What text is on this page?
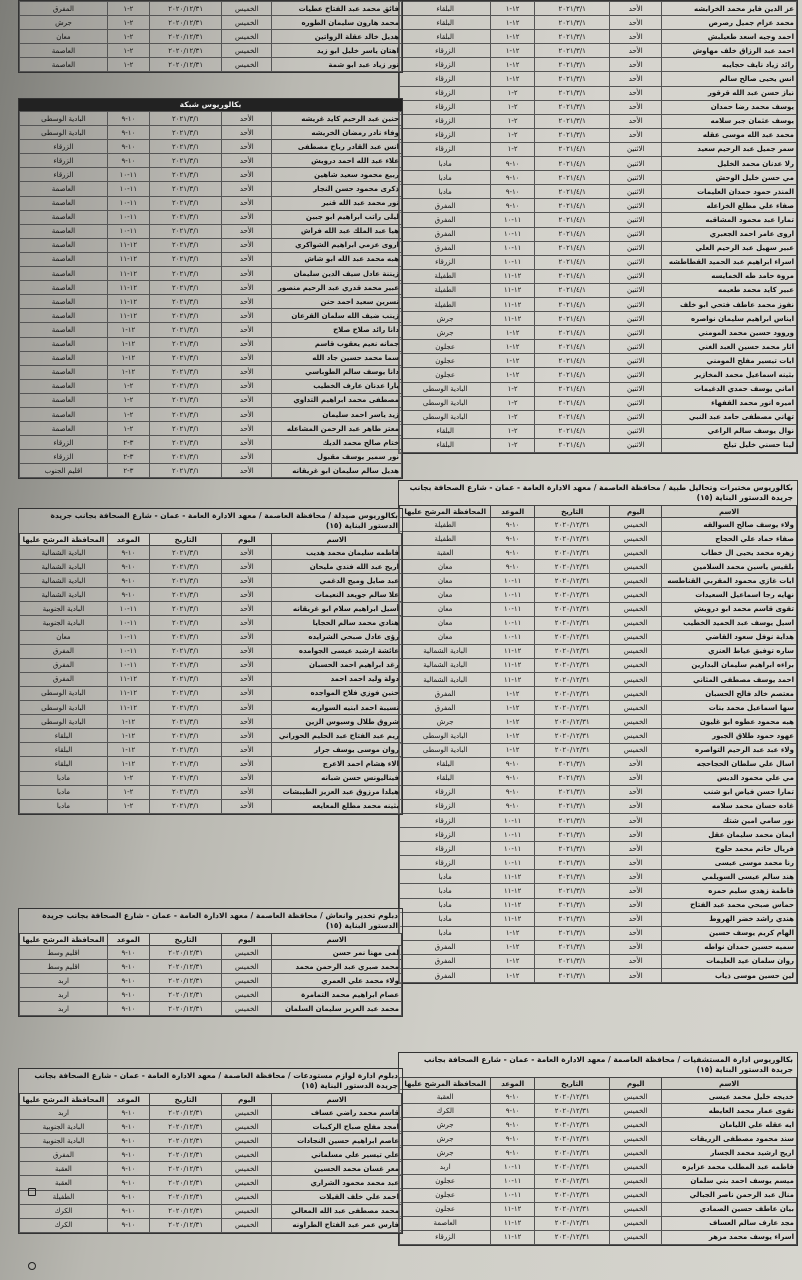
عز الدين فايز محمد الخرابشه	الأحد	٢٠٢١/٣/١	١٢-١	البلقاء
محمد عزام جميل رصرص	الأحد	٢٠٢١/٣/١	١٢-١	البلقاء
احمد وجيه اسعد طعيلبش	الأحد	٢٠٢١/٣/١	١٢-١	البلقاء
احمد عبد الرزاق خلف مهاوش	الأحد	٢٠٢١/٣/١	١٢-١	الزرقاء
رائد زياد نايف حجايبه	الأحد	٢٠٢١/٣/١	١٢-١	الزرقاء
انس يحيى صالح سالم	الأحد	٢٠٢١/٣/١	١٢-١	الزرقاء
نياز حسن عبد الله قرقور	الأحد	٢٠٢١/٣/١	٢-١	الزرقاء
يوسف محمد رضا حمدان	الأحد	٢٠٢١/٣/١	٢-١	الزرقاء
يوسف عثمان جبر سلامه	الأحد	٢٠٢١/٣/١	٢-١	الزرقاء
محمد عبد الله موسى عقله	الأحد	٢٠٢١/٣/١	٢-١	الزرقاء
سمر جميل عبد الرحيم سعيد	الاثنين	٢٠٢١/٤/١	٢-١	الزرقاء
رلا عدنان محمد الخليل	الاثنين	٢٠٢١/٤/١	١٠-٩	مادبا
مي حسن خليل الوحش	الاثنين	٢٠٢١/٤/١	١٠-٩	مادبا
المنذر حمود حمدان العليمات	الاثنين	٢٠٢١/٤/١	١٠-٩	مادبا
صفاء علي مطلع الخزاعله	الاثنين	٢٠٢١/٤/١	١٠-٩	المفرق
تمارا عبد محمود المشاقبه	الاثنين	٢٠٢١/٤/١	١١-١٠	المفرق
اروى عامر احمد الجعبري	الاثنين	٢٠٢١/٤/١	١١-١٠	المفرق
عبير سهيل عبد الرحيم العلي	الاثنين	٢٠٢١/٤/١	١١-١٠	المفرق
اسراء ابراهيم عبد الحميد القطاطشه	الاثنين	٢٠٢١/٤/١	١١-١٠	الزرقاء
مروة حامد طه الخمايسه	الاثنين	٢٠٢١/٤/١	١٢-١١	الطفيلة
عبير كايد محمد طعيمه	الاثنين	٢٠٢١/٤/١	١٢-١١	الطفيلة
نفوز محمد عاطف فتحي ابو خلف	الاثنين	٢٠٢١/٤/١	١٢-١١	الطفيلة
ايناس ابراهيم سليمان نواصره	الاثنين	٢٠٢١/٤/١	١٢-١١	جرش
وروود حسين محمد المومني	الاثنين	٢٠٢١/٤/١	١٢-١	جرش
اثار محمد حسين العبد الغني	الاثنين	٢٠٢١/٤/١	١٢-١	عجلون
ايات تيسير مفلح المومني	الاثنين	٢٠٢١/٤/١	١٢-١	عجلون
بثينه اسماعيل محمد المخازير	الاثنين	٢٠٢١/٤/١	١٢-١	عجلون
اماني يوسف حمدي الدغيمات	الاثنين	٢٠٢١/٤/١	٢-١	البادية الوسطى
اميره انور محمد القفهاء	الاثنين	٢٠٢١/٤/١	٢-١	البادية الوسطى
تهاني مصطفى حامد عبد النبي	الاثنين	٢٠٢١/٤/١	٢-١	البادية الوسطى
نوال يوسف سالم الراعي	الاثنين	٢٠٢١/٤/١	٢-١	البلقاء
لينا حسني خليل تيلخ	الاثنين	٢٠٢١/٤/١	٢-١	البلقاء
بكالوريوس مختبرات وتحاليل طبية / محافظة العاصمة / معهد الادارة العامة - عمان - شارع الصحافة بجانب جريدة الدستور البناية (١٥)
الاسم	اليوم	التاريخ	الموعد	المحافظة المرشح عليها
ولاء يوسف صالح السوالقه	الخميس	٢٠٢٠/١٢/٣١	١٠-٩	الطفيلة
صفاء حماد علي الحجاج	الخميس	٢٠٢٠/١٢/٣١	١٠-٩	الطفيلة
زهره محمد يحيى ال خطاب	الخميس	٢٠٢٠/١٢/٣١	١٠-٩	العقبة
بلقيس ياسين محمد السلامين	الخميس	٢٠٢٠/١٢/٣١	١٠-٩	معان
ايات غازي محمود المقربي القناطسه	الخميس	٢٠٢٠/١٢/٣١	١١-١٠	معان
نهايه رجا اسماعيل السعيدات	الخميس	٢٠٢٠/١٢/٣١	١١-١٠	معان
تقوى قاسم محمد ابو درويش	الخميس	٢٠٢٠/١٢/٣١	١١-١٠	معان
اسيل يوسف عبد الحميد الخطيب	الخميس	٢٠٢٠/١٢/٣١	١١-١٠	معان
هداية نوفل سعود القاضي	الخميس	٢٠٢٠/١٢/٣١	١١-١٠	معان
ساره توفيق عياط العنزي	الخميس	٢٠٢٠/١٢/٣١	١٢-١١	البادية الشمالية
براءه ابراهيم سليمان البدارين	الخميس	٢٠٢٠/١٢/٣١	١٢-١١	البادية الشمالية
احمد يوسف مصطفى المثاني	الخميس	٢٠٢٠/١٢/٣١	١٢-١١	البادية الشمالية
معتصم خالد فالح الحسبان	الخميس	٢٠٢٠/١٢/٣١	١٢-١	المفرق
سها اسماعيل محمد بنات	الخميس	٢٠٢٠/١٢/٣١	١٢-١	المفرق
هبه محمود عطوه ابو غليون	الخميس	٢٠٢٠/١٢/٣١	١٢-١	جرش
عهود حمود طلاق الجبور	الخميس	٢٠٢٠/١٢/٣١	١٢-١	البادية الوسطى
ولاء عبد عبد الرحيم التواصره	الخميس	٢٠٢٠/١٢/٣١	١٢-١	البادية الوسطى
اسال علي سلطان الحجاحجه	الأحد	٢٠٢١/٣/١	١٠-٩	البلقاء
مي علي محمود الدبس	الأحد	٢٠٢١/٣/١	١٠-٩	البلقاء
تمارا حسن فياض ابو شنب	الأحد	٢٠٢١/٣/١	١٠-٩	الزرقاء
غاده حسان محمد سلامه	الأحد	٢٠٢١/٣/١	١٠-٩	الزرقاء
نور سامي امين شتك	الأحد	٢٠٢١/٣/١	١١-١٠	الزرقاء
ايمان محمد سليمان عقل	الأحد	٢٠٢١/٣/١	١١-١٠	الزرقاء
فريال حاتم محمد حلوح	الأحد	٢٠٢١/٣/١	١١-١٠	الزرقاء
رنا محمد موسى عيسى	الأحد	٢٠٢١/٣/١	١١-١٠	الزرقاء
هند سالم عيسى السويلمي	الأحد	٢٠٢١/٣/١	١٢-١١	مادبا
فاطمة زهدي سليم حمزه	الأحد	٢٠٢١/٣/١	١٢-١١	مادبا
حماس صبحي محمد عبد الفتاح	الأحد	٢٠٢١/٣/١	١٢-١١	مادبا
هندي راشد خضر الهروط	الأحد	٢٠٢١/٣/١	١٢-١١	مادبا
الهام كريم يوسف حسين	الأحد	٢٠٢١/٣/١	١٢-١	مادبا
سميه حسين حمدان نواطه	الأحد	٢٠٢١/٣/١	١٢-١	المفرق
روان سلمان عيد العليمات	الأحد	٢٠٢١/٣/١	١٢-١	المفرق
لين حسين موسى ذياب	الأحد	٢٠٢١/٣/١	١٢-١	المفرق
بكالوريوس ادارة المستشفيات / محافظة العاصمة / معهد الادارة العامة - عمان - شارع الصحافة بجانب جريدة الدستور البناية (١٥)
الاسم	اليوم	التاريخ	الموعد	المحافظة المرشح عليها
خديجه خليل محمد عيسى	الخميس	٢٠٢٠/١٢/٣١	١٠-٩	العقبة
تقوى عمار محمد العايطه	الخميس	٢٠٢٠/١٢/٣١	١٠-٩	الكرك
ايه عقله علي الليامان	الخميس	٢٠٢٠/١٢/٣١	١٠-٩	جرش
سند محمود مصطفى الزريقات	الخميس	٢٠٢٠/١٢/٣١	١٠-٩	جرش
اريج ارشيد محمد الجسار	الخميس	٢٠٢٠/١٢/٣١	١٠-٩	جرش
فاطمه عبد المطلب محمد عزايزه	الخميس	٢٠٢٠/١٢/٣١	١١-١٠	اربد
ميسم يوسف احمد بني سلمان	الخميس	٢٠٢٠/١٢/٣١	١١-١٠	عجلون
منال عبد الرحمن ناصر الجبالي	الخميس	٢٠٢٠/١٢/٣١	١١-١٠	عجلون
بيان عاطف حسين الصمادي	الخميس	٢٠٢٠/١٢/٣١	١٢-١١	عجلون
مجد عارف سالم العساف	الخميس	٢٠٢٠/١٢/٣١	١٢-١١	العاصمة
اسراء يوسف محمد مزهر	الخميس	٢٠٢٠/١٢/٣١	١٢-١١	الزرقاء
فائق محمد عبد الفتاح عطيات	الخميس	٢٠٢٠/١٢/٣١	٢-١	المفرق
محمد هارون سليمان الطوره	الخميس	٢٠٢٠/١٢/٣١	٢-١	جرش
هديل خالد عقلة الزواتين	الخميس	٢٠٢٠/١٢/٣١	٢-١	معان
اهتان ياسر خليل ابو زيد	الخميس	٢٠٢٠/١٢/٣١	٢-١	العاصمة
نور زياد عبد ابو شمة	الخميس	٢٠٢٠/١٢/٣١	٢-١	العاصمة
بكالوريوس شبكة
حنين عبد الرحيم كايد غريشه	الأحد	٢٠٢١/٣/١	١٠-٩	البادية الوسطى
وفاء نادر رمضان الخريشه	الأحد	٢٠٢١/٣/١	١٠-٩	البادية الوسطى
انس عبد القادر رباح مصطفى	الأحد	٢٠٢١/٣/١	١٠-٩	الزرقاء
علاء عبد الله احمد درويش	الأحد	٢٠٢١/٣/١	١٠-٩	الزرقاء
ربيع محمود سعيد شاهين	الأحد	٢٠٢١/٣/١	١١-١٠	الزرقاء
ذكرى محمود حسن النجار	الأحد	٢٠٢١/٣/١	١١-١٠	العاصمة
نور محمد عبد الله قنير	الأحد	٢٠٢١/٣/١	١١-١٠	العاصمة
ليلى راتب ابراهيم ابو جبين	الأحد	٢٠٢١/٣/١	١١-١٠	العاصمة
هيا عبد الملك عبد الله فراش	الأحد	٢٠٢١/٣/١	١١-١٠	العاصمة
اروى عزمي ابراهيم الشواكري	الأحد	٢٠٢١/٣/١	١٢-١١	العاصمة
هبه محمد عبد الله ابو شاش	الأحد	٢٠٢١/٣/١	١٢-١١	العاصمة
زيننة عادل سيف الدين سليمان	الأحد	٢٠٢١/٣/١	١٢-١١	العاصمة
عبير محمد قدري عبد الرحيم منصور	الأحد	٢٠٢١/٣/١	١٢-١١	العاصمة
نسرين سعيد احمد حنن	الأحد	٢٠٢١/٣/١	١٢-١١	العاصمة
زينب ضيف الله سلمان القرعان	الأحد	٢٠٢١/٣/١	١٢-١١	العاصمة
دانا رائد صلاح صلاح	الأحد	٢٠٢١/٣/١	١٢-١	العاصمة
جمانه نعيم يعقوب قاسم	الأحد	٢٠٢١/٣/١	١٢-١	العاصمة
سما محمد حسين جاد الله	الأحد	٢٠٢١/٣/١	١٢-١	العاصمة
دانا يوسف سالم الطوباسي	الأحد	٢٠٢١/٣/١	١٢-١	العاصمة
يارا عدنان عارف الخطيب	الأحد	٢٠٢١/٣/١	٢-١	العاصمة
مصطفى محمد ابراهيم التداوي	الأحد	٢٠٢١/٣/١	٢-١	العاصمة
زيد ياسر احمد سليمان	الأحد	٢٠٢١/٣/١	٢-١	العاصمة
معتز طاهر عبد الرحمن المشاعله	الأحد	٢٠٢١/٣/١	٢-١	العاصمة
ختام صالح محمد الديك	الأحد	٢٠٢١/٣/١	٣-٢	الزرقاء
نور سمير يوسف مقبول	الأحد	٢٠٢١/٣/١	٣-٢	الزرقاء
هديل سالم سليمان ابو غريقانه	الأحد	٢٠٢١/٣/١	٣-٢	اقليم الجنوب
بكالوريوس صيدلة / محافظة العاصمة / معهد الادارة العامة - عمان - شارع الصحافة بجانب جريدة الدستور البناية (١٥)
الاسم	اليوم	التاريخ	الموعد	المحافظة المرشح عليها
فاطمه سليمان محمد هديب	الأحد	٢٠٢١/٣/١	١٠-٩	البادية الشمالية
اريج عبد الله فندي مليحان	الأحد	٢٠٢١/٣/١	١٠-٩	البادية الشمالية
عبد صايل وميج الدغمي	الأحد	٢٠٢١/٣/١	١٠-٩	البادية الشمالية
علا سالم جويعد النعيمات	الأحد	٢٠٢١/٣/١	١٠-٩	البادية الشمالية
أسيل ابراهيم سلام ابو غريقانه	الأحد	٢٠٢١/٣/١	١١-١٠	البادية الجنوبية
هنادي محمد سالم الحجايا	الأحد	٢٠٢١/٣/١	١١-١٠	البادية الجنوبية
رؤى عادل صبحي الشرايده	الأحد	٢٠٢١/٣/١	١١-١٠	معان
عائشة ارشيد عيسى الجوامده	الأحد	٢٠٢١/٣/١	١١-١٠	المفرق
رغد ابراهيم احمد الحسبان	الأحد	٢٠٢١/٣/١	١١-١٠	المفرق
دولة وليد احمد احمد	الأحد	٢٠٢١/٣/١	١٢-١١	المفرق
حنين فوزي فلاح المواجده	الأحد	٢٠٢١/٣/١	١٢-١١	البادية الوسطى
نسيبة احمد ابنيه السواريه	الأحد	٢٠٢١/٣/١	١٢-١١	البادية الوسطى
شروق طلال وسيوس الزين	الأحد	٢٠٢١/٣/١	١٢-١	البادية الوسطى
ريم عبد الفتاح عبد الحليم الحوراني	الأحد	٢٠٢١/٣/١	١٢-١	البلقاء
روان موسى يوسف جرار	الأحد	٢٠٢١/٣/١	١٢-١	البلقاء
الاء هشام احمد الاعرج	الأحد	٢٠٢١/٣/١	١٢-١	البلقاء
فيناليونس حسن شبانه	الأحد	٢٠٢١/٣/١	٢-١	مادبا
هيلدا مرزوق عبد العزيز الطيبشات	الأحد	٢٠٢١/٣/١	٢-١	مادبا
بثينه محمد مطلع المعايعه	الأحد	٢٠٢١/٣/١	٢-١	مادبا
دبلوم تخدير وانعاش / محافظة العاصمة / معهد الادارة العامة - عمان - شارع الصحافة بجانب جريدة الدستور البناية (١٥)
الاسم	اليوم	التاريخ	الموعد	المحافظة المرشح عليها
لمى مهنا نمر حسن	الخميس	٢٠٢٠/١٢/٣١	١٠-٩	اقليم وسط
محمد صبري عبد الرحمن محمد	الخميس	٢٠٢٠/١٢/٣١	١٠-٩	اقليم وسط
ولاء محمد علي العمري	الخميس	٢٠٢٠/١٢/٣١	١٠-٩	اربد
عصام ابراهيم محمد التمامرة	الخميس	٢٠٢٠/١٢/٣١	١٠-٩	اربد
محمد عبد العزيز سليمان السلمان	الخميس	٢٠٢٠/١٢/٣١	١٠-٩	اربد
دبلوم ادارة لوازم مستودعات / محافظة العاصمة / معهد الادارة العامة - عمان - شارع الصحافة بجانب جريدة الدستور البناية (١٥)
الاسم	اليوم	التاريخ	الموعد	المحافظة المرشح عليها
قاسم محمد راضي عساف	الخميس	٢٠٢٠/١٢/٣١	١٠-٩	اربد
امجد مفلح صباح الركيبات	الخميس	٢٠٢٠/١٢/٣١	١٠-٩	البادية الجنوبية
عاصم ابراهيم حسين النجادات	الخميس	٢٠٢٠/١٢/٣١	١٠-٩	البادية الجنوبية
علي تيسير علي مسلماني	الخميس	٢٠٢٠/١٢/٣١	١٠-٩	المفرق
معر غسان محمد الحسين	الخميس	٢٠٢٠/١٢/٣١	١٠-٩	العقبة
عبد محمد محمود الشراري	الخميس	٢٠٢٠/١٢/٣١	١٠-٩	العقبة
احمد علي خلف القيلات	الخميس	٢٠٢٠/١٢/٣١	١٠-٩	الطفيلة
محمد مصطفى عبد الله المعالي	الخميس	٢٠٢٠/١٢/٣١	١٠-٩	الكرك
فارس عمر عبد الفتاح الطراونه	الخميس	٢٠٢٠/١٢/٣١	١٠-٩	الكرك
